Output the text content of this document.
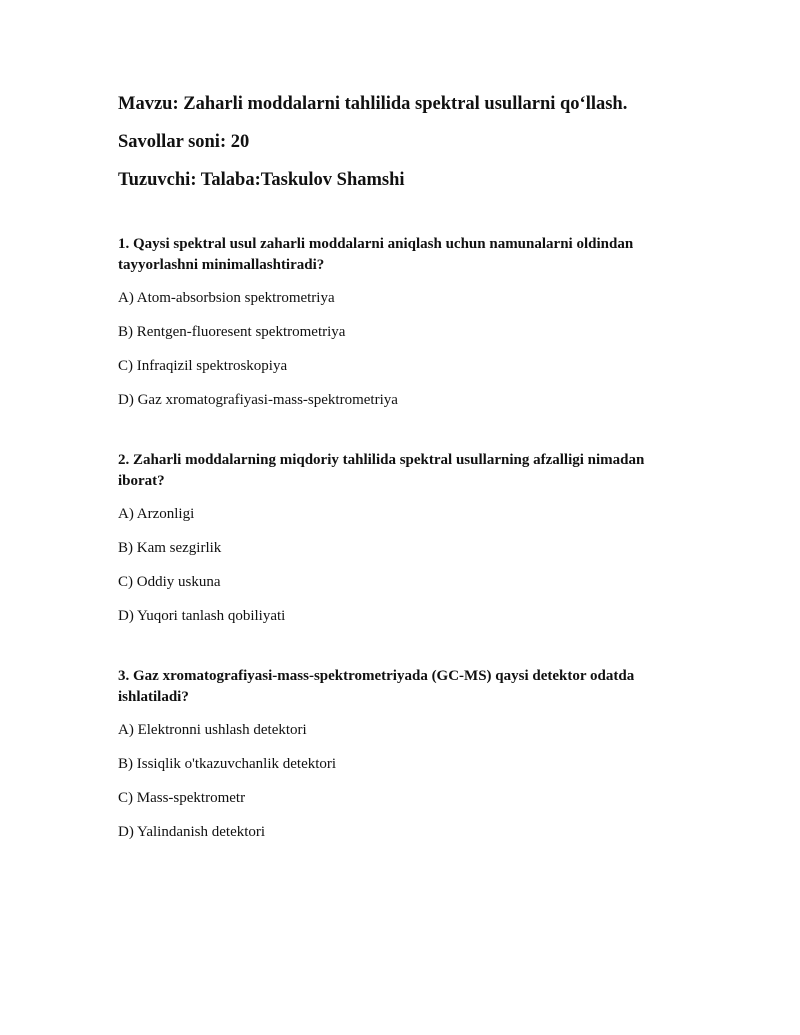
Mavzu: Zaharli moddalarni tahlilida spektral usullarni qo‘llash.
Savollar soni: 20
Tuzuvchi: Talaba:Taskulov Shamshi
1. Qaysi spektral usul zaharli moddalarni aniqlash uchun namunalarni oldindan tayyorlashni minimallashtiradi?
A) Atom-absorbsion spektrometriya
B) Rentgen-fluoresent spektrometriya
C) Infraqizil spektroskopiya
D) Gaz xromatografiyasi-mass-spektrometriya
2. Zaharli moddalarning miqdoriy tahlilida spektral usullarning afzalligi nimadan iborat?
A) Arzonligi
B) Kam sezgirlik
C) Oddiy uskuna
D) Yuqori tanlash qobiliyati
3. Gaz xromatografiyasi-mass-spektrometriyada (GC-MS) qaysi detektor odatda ishlatiladi?
A) Elektronni ushlash detektori
B) Issiqlik o'tkazuvchanlik detektori
C) Mass-spektrometr
D) Yalindanish detektori
